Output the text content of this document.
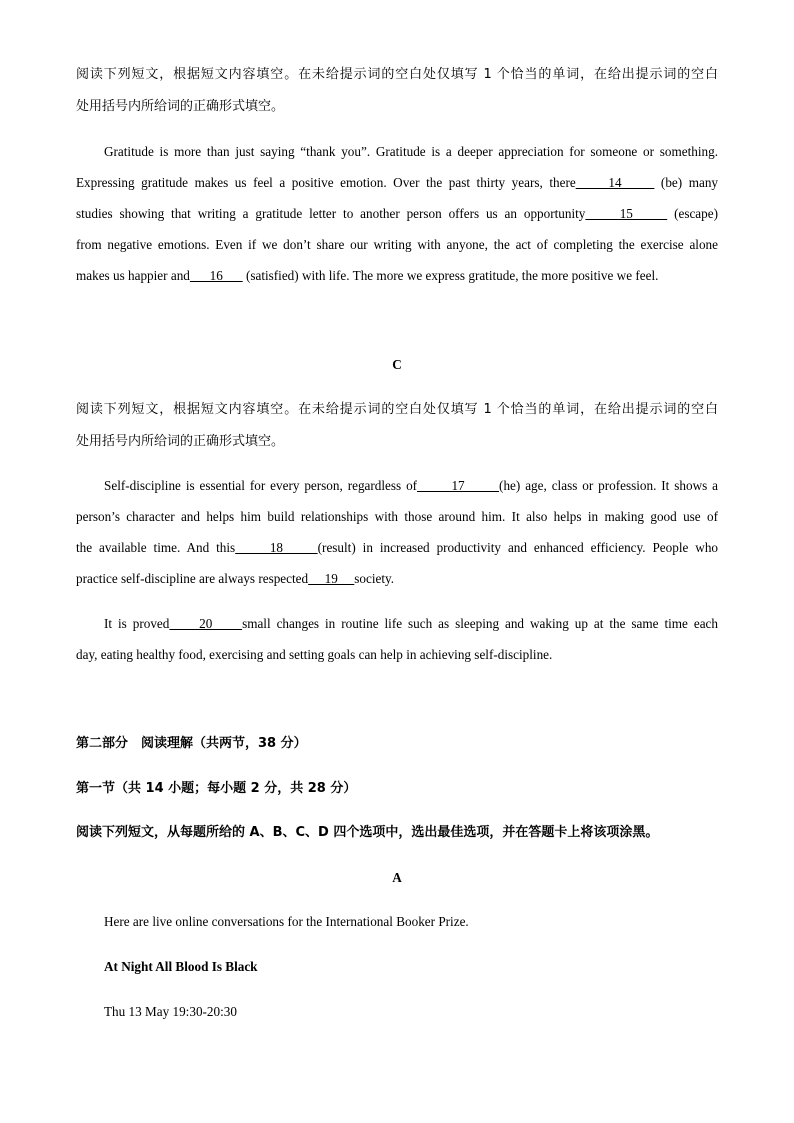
阅读下列短文，根据短文内容填空。在未给提示词的空白处仅填写 1 个恰当的单词，在给出提示词的空白
处用括号内所给词的正确形式填空。
Gratitude is more than just saying “thank you”. Gratitude is a deeper appreciation for someone or something.
Expressing gratitude makes us feel a positive emotion. Over the past thirty years, there     14      (be) many
studies showing that writing a gratitude letter to another person offers us an opportunity     15      (escape)
from negative emotions. Even if we don’t share our writing with anyone, the act of completing the exercise alone
makes us happier and      16       (satisfied) with life. The more we express gratitude, the more positive we feel.
C
阅读下列短文，根据短文内容填空。在未给提示词的空白处仅填写 1 个恰当的单词，在给出提示词的空白
处用括号内所给词的正确形式填空。
Self-discipline is essential for every person, regardless of       17       (he) age, class or profession. It shows a
person’s character and helps him build relationships with those around him. It also helps in making good use of
the available time. And this     18     (result) in increased productivity and enhanced efficiency. People who
practice self-discipline are always respected     19     society.
It is proved     20     small changes in routine life such as sleeping and waking up at the same time each
day, eating healthy food, exercising and setting goals can help in achieving self-discipline.
第二部分　阅读理解（共两节，38 分）
第一节（共 14 小题；每小题 2 分，共 28 分）
阅读下列短文，从每题所给的 A、B、C、D 四个选项中，选出最佳选项，并在答题卡上将该项涂黑。
A
Here are live online conversations for the International Booker Prize.
At Night All Blood Is Black
Thu 13 May 19:30-20:30
